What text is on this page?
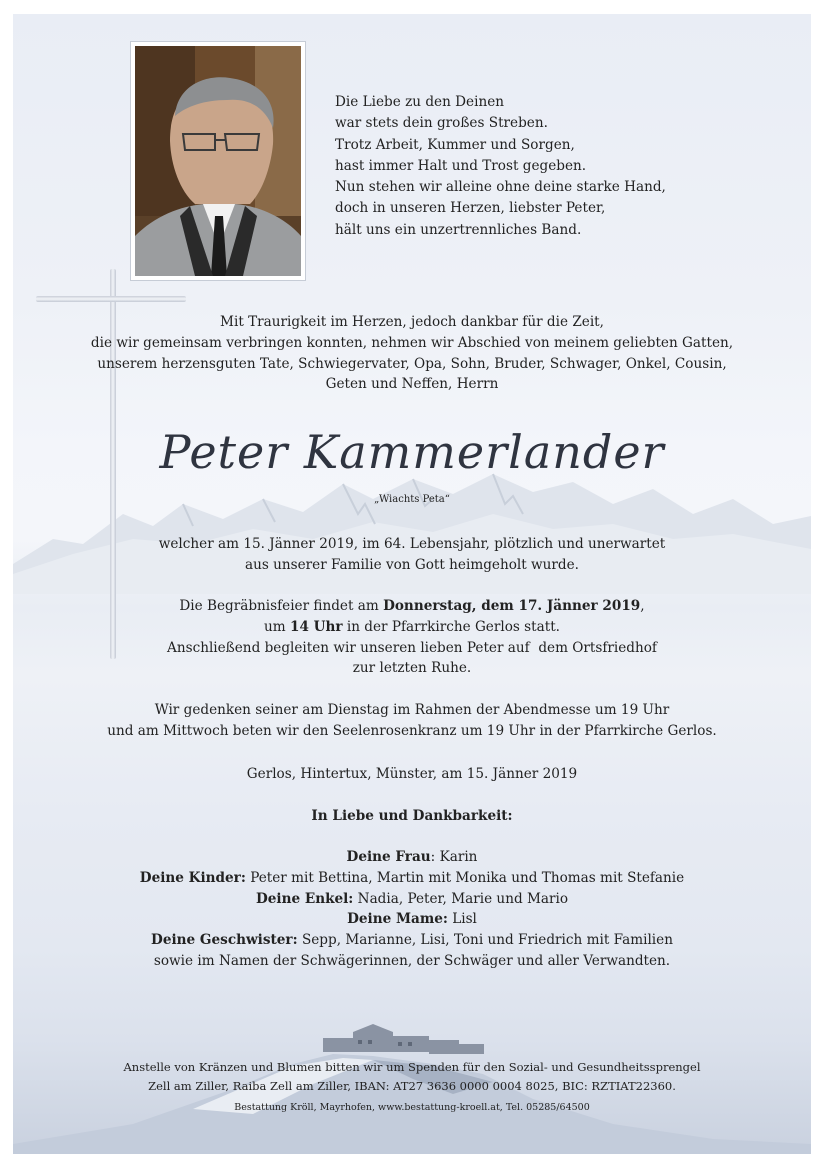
Die Liebe zu den Deinen
war stets dein großes Streben.
Trotz Arbeit, Kummer und Sorgen,
hast immer Halt und Trost gegeben.
Nun stehen wir alleine ohne deine starke Hand,
doch in unseren Herzen, liebster Peter,
hält uns ein unzertrennliches Band.
Mit Traurigkeit im Herzen, jedoch dankbar für die Zeit,
die wir gemeinsam verbringen konnten, nehmen wir Abschied von meinem geliebten Gatten,
unserem herzensguten Tate, Schwiegervater, Opa, Sohn, Bruder, Schwager, Onkel, Cousin,
Geten und Neffen, Herrn
Peter Kammerlander
„Wiachts Peta“
welcher am 15. Jänner 2019, im 64. Lebensjahr, plötzlich und unerwartet
aus unserer Familie von Gott heimgeholt wurde.
Die Begräbnisfeier findet am Donnerstag, dem 17. Jänner 2019,
um 14 Uhr in der Pfarrkirche Gerlos statt.
Anschließend begleiten wir unseren lieben Peter auf  dem Ortsfriedhof
zur letzten Ruhe.
Wir gedenken seiner am Dienstag im Rahmen der Abendmesse um 19 Uhr
und am Mittwoch beten wir den Seelenrosenkranz um 19 Uhr in der Pfarrkirche Gerlos.
Gerlos, Hintertux, Münster, am 15. Jänner 2019
In Liebe und Dankbarkeit:
Deine Frau: Karin
Deine Kinder: Peter mit Bettina, Martin mit Monika und Thomas mit Stefanie
Deine Enkel: Nadia, Peter, Marie und Mario
Deine Mame: Lisl
Deine Geschwister: Sepp, Marianne, Lisi, Toni und Friedrich mit Familien
sowie im Namen der Schwägerinnen, der Schwäger und aller Verwandten.
Anstelle von Kränzen und Blumen bitten wir um Spenden für den Sozial- und Gesundheitssprengel
Zell am Ziller, Raiba Zell am Ziller, IBAN: AT27 3636 0000 0004 8025, BIC: RZTIAT22360.
Bestattung Kröll, Mayrhofen, www.bestattung-kroell.at, Tel. 05285/64500
